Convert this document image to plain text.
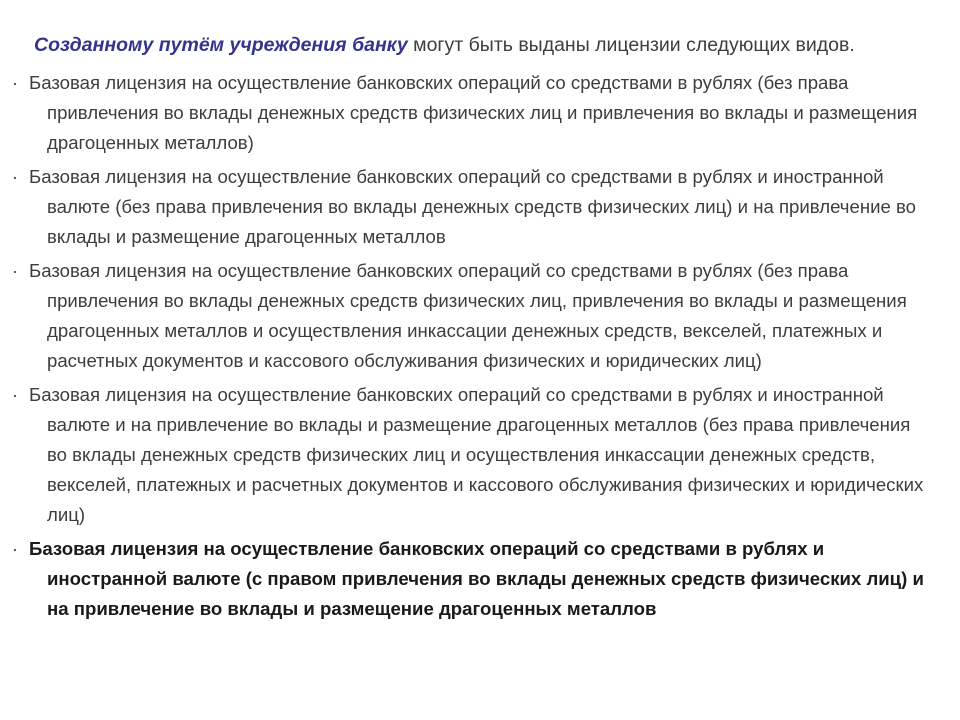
Созданному путём учреждения банку могут быть выданы лицензии следующих видов.
· Базовая лицензия на осуществление банковских операций со средствами в рублях (без права привлечения во вклады денежных средств физических лиц и привлечения во вклады и размещения драгоценных металлов)
· Базовая лицензия на осуществление банковских операций со средствами в рублях и иностранной валюте (без права привлечения во вклады денежных средств физических лиц) и на привлечение во вклады и размещение драгоценных металлов
· Базовая лицензия на осуществление банковских операций со средствами в рублях (без права привлечения во вклады денежных средств физических лиц, привлечения во вклады и размещения драгоценных металлов и осуществления инкассации денежных средств, векселей, платежных и расчетных документов и кассового обслуживания физических и юридических лиц)
· Базовая лицензия на осуществление банковских операций со средствами в рублях и иностранной валюте и на привлечение во вклады и размещение драгоценных металлов (без права привлечения во вклады денежных средств физических лиц и осуществления инкассации денежных средств, векселей, платежных и расчетных документов и кассового обслуживания физических и юридических лиц)
· Базовая лицензия на осуществление банковских операций со средствами в рублях и иностранной валюте (с правом привлечения во вклады денежных средств физических лиц) и на привлечение во вклады и размещение драгоценных металлов
